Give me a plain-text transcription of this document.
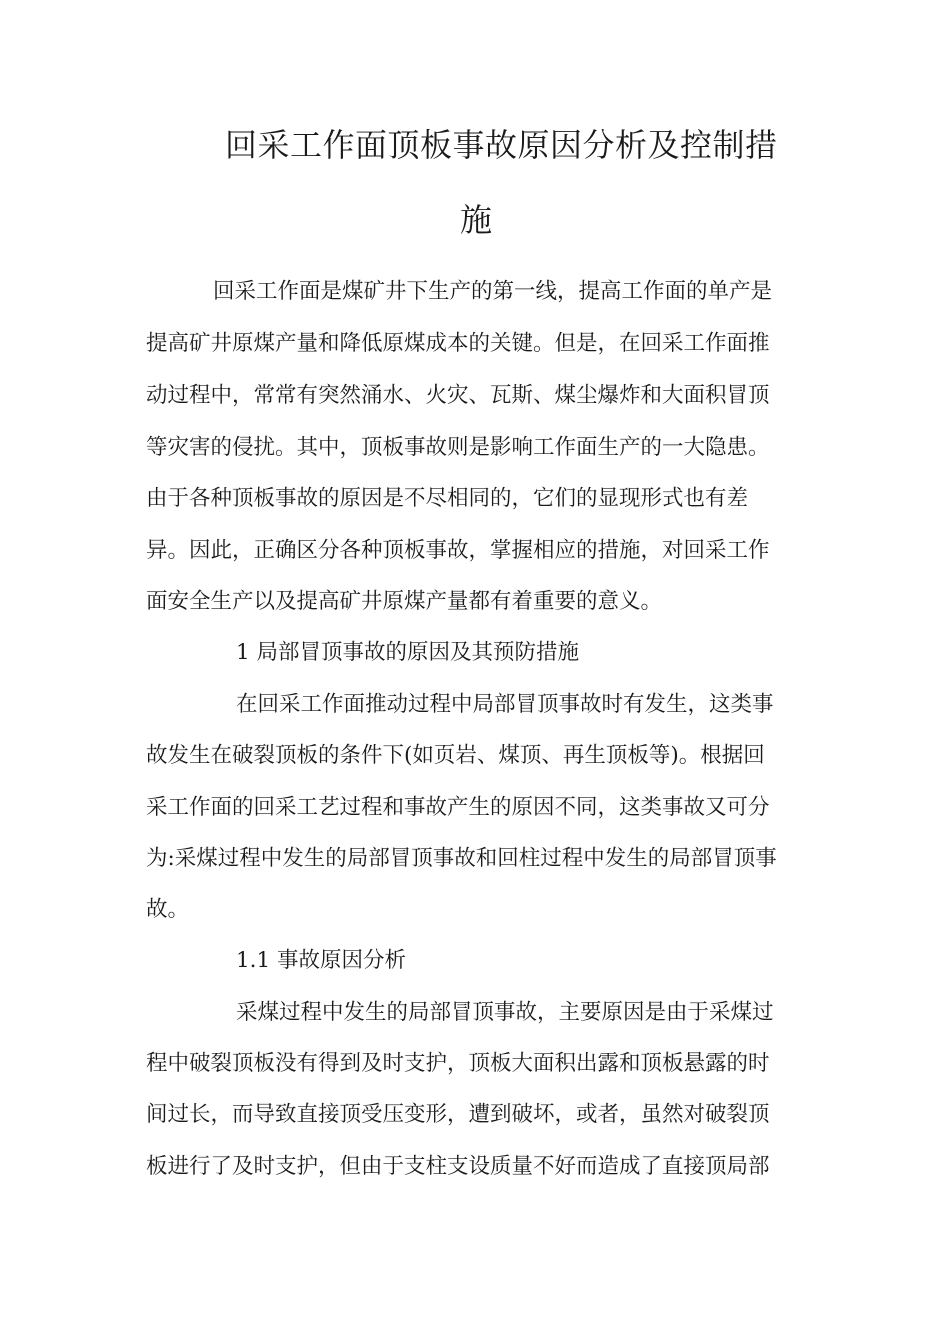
回采工作面顶板事故原因分析及控制措
施
回采工作面是煤矿井下生产的第一线，提高工作面的单产是
提高矿井原煤产量和降低原煤成本的关键。但是，在回采工作面推
动过程中，常常有突然涌水、火灾、瓦斯、煤尘爆炸和大面积冒顶
等灾害的侵扰。其中，顶板事故则是影响工作面生产的一大隐患。
由于各种顶板事故的原因是不尽相同的，它们的显现形式也有差
异。因此，正确区分各种顶板事故，掌握相应的措施，对回采工作
面安全生产以及提高矿井原煤产量都有着重要的意义。
1 局部冒顶事故的原因及其预防措施
在回采工作面推动过程中局部冒顶事故时有发生，这类事
故发生在破裂顶板的条件下(如页岩、煤顶、再生顶板等)。根据回
采工作面的回采工艺过程和事故产生的原因不同，这类事故又可分
为:采煤过程中发生的局部冒顶事故和回柱过程中发生的局部冒顶事
故。
1.1 事故原因分析
采煤过程中发生的局部冒顶事故，主要原因是由于采煤过
程中破裂顶板没有得到及时支护，顶板大面积出露和顶板悬露的时
间过长，而导致直接顶受压变形，遭到破坏，或者，虽然对破裂顶
板进行了及时支护，但由于支柱支设质量不好而造成了直接顶局部
